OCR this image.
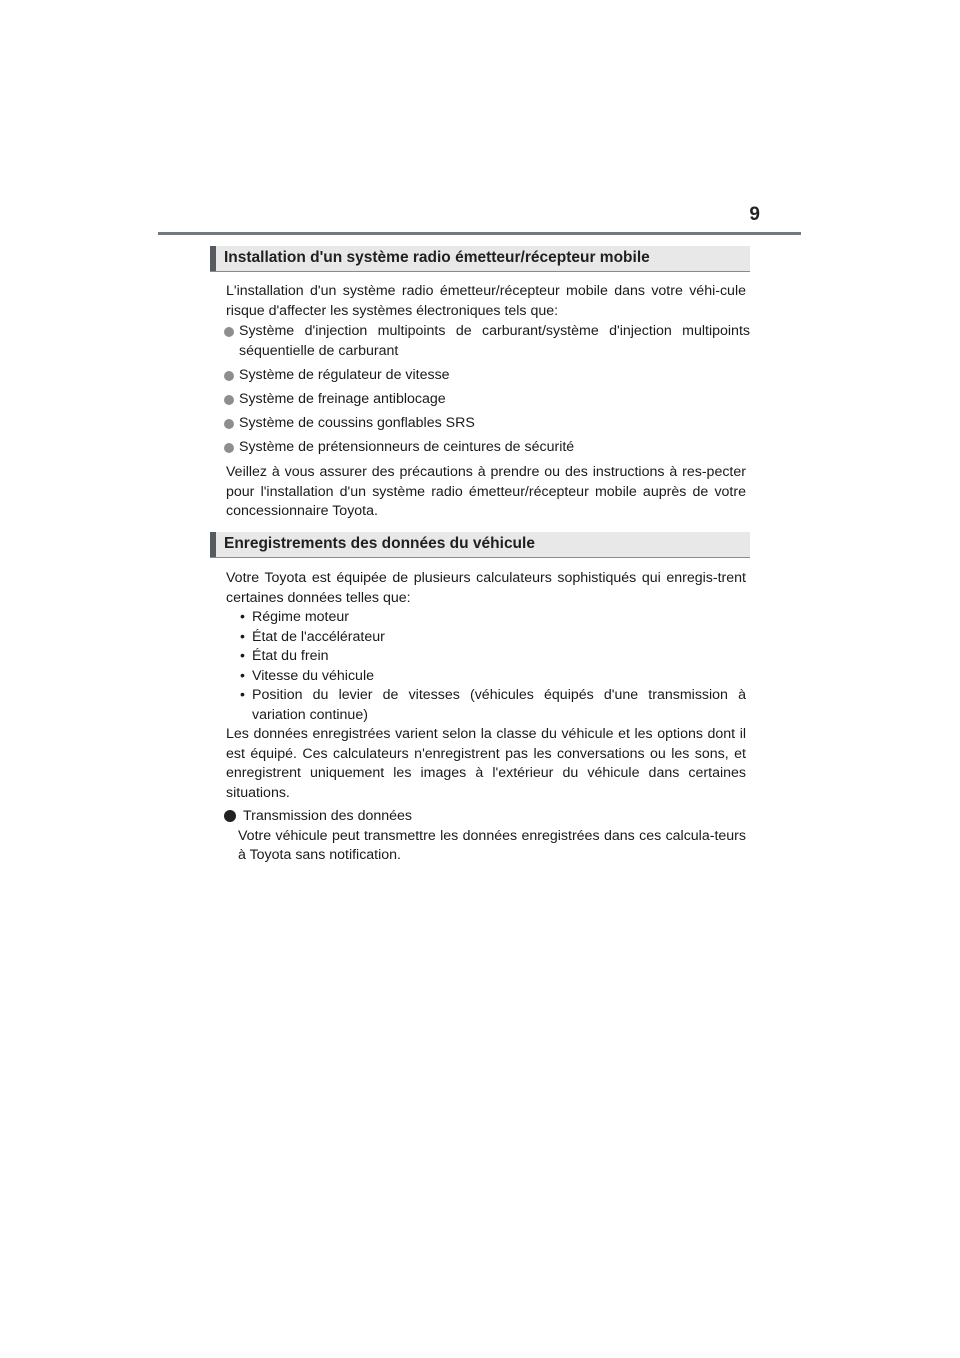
9
Installation d'un système radio émetteur/récepteur mobile
L'installation d'un système radio émetteur/récepteur mobile dans votre véhi-cule risque d'affecter les systèmes électroniques tels que:
Système d'injection multipoints de carburant/système d'injection multipoints séquentielle de carburant
Système de régulateur de vitesse
Système de freinage antiblocage
Système de coussins gonflables SRS
Système de prétensionneurs de ceintures de sécurité
Veillez à vous assurer des précautions à prendre ou des instructions à res-pecter pour l'installation d'un système radio émetteur/récepteur mobile auprès de votre concessionnaire Toyota.
Enregistrements des données du véhicule
Votre Toyota est équipée de plusieurs calculateurs sophistiqués qui enregis-trent certaines données telles que:
• Régime moteur
• État de l'accélérateur
• État du frein
• Vitesse du véhicule
• Position du levier de vitesses (véhicules équipés d'une transmission à variation continue)
Les données enregistrées varient selon la classe du véhicule et les options dont il est équipé. Ces calculateurs n'enregistrent pas les conversations ou les sons, et enregistrent uniquement les images à l'extérieur du véhicule dans certaines situations.
Transmission des données
Votre véhicule peut transmettre les données enregistrées dans ces calcula-teurs à Toyota sans notification.
